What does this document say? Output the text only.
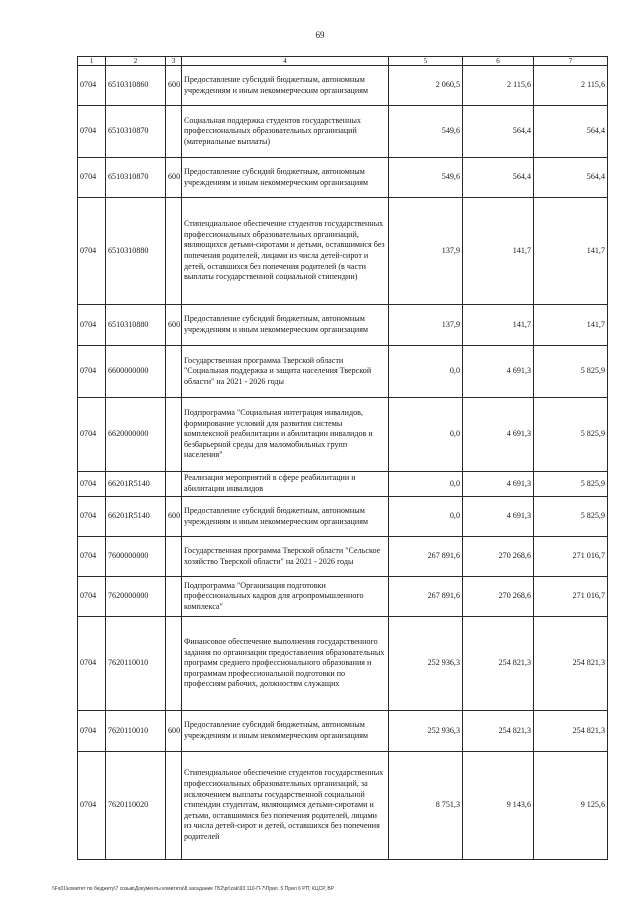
69
1	2	3	4	5	6	7
0704	6510310860	600	Предоставление субсидий бюджетным, автономным учреждениям и иным некоммерческим организациям	2 060,5	2 115,6	2 115,6
0704	6510310870		Социальная поддержка студентов государственных профессиональных образовательных организаций (материальные выплаты)	549,6	564,4	564,4
0704	6510310870	600	Предоставление субсидий бюджетным, автономным учреждениям и иным некоммерческим организациям	549,6	564,4	564,4
0704	6510310880		Стипендиальное обеспечение студентов государственных профессиональных образовательных организаций, являющихся детьми-сиротами и детьми, оставшимися без попечения родителей, лицами из числа детей-сирот и детей, оставшихся без попечения родителей (в части выплаты государственной социальной стипендии)	137,9	141,7	141,7
0704	6510310880	600	Предоставление субсидий бюджетным, автономным учреждениям и иным некоммерческим организациям	137,9	141,7	141,7
0704	6600000000		Государственная программа Тверской области "Социальная поддержка и защита населения Тверской области" на 2021 - 2026 годы	0,0	4 691,3	5 825,9
0704	6620000000		Подпрограмма "Социальная интеграция инвалидов, формирование условий для развития системы комплексной реабилитации и абилитации инвалидов и безбарьерной среды для маломобильных групп населения"	0,0	4 691,3	5 825,9
0704	66201R5140		Реализация мероприятий в сфере реабилитации и абилитации инвалидов	0,0	4 691,3	5 825,9
0704	66201R5140	600	Предоставление субсидий бюджетным, автономным учреждениям и иным некоммерческим организациям	0,0	4 691,3	5 825,9
0704	7600000000		Государственная программа Тверской области "Сельское хозяйство Тверской области" на 2021 - 2026 годы	267 891,6	270 268,6	271 016,7
0704	7620000000		Подпрограмма "Организация подготовки профессиональных кадров для агропромышленного комплекса"	267 891,6	270 268,6	271 016,7
0704	7620110010		Финансовое обеспечение выполнения государственного задания по организации предоставления образовательных программ среднего профессионального образования и программам профессиональной подготовки по профессиям рабочих, должностям служащих	252 936,3	254 821,3	254 821,3
0704	7620110010	600	Предоставление субсидий бюджетным, автономным учреждениям и иным некоммерческим организациям	252 936,3	254 821,3	254 821,3
0704	7620110020		Стипендиальное обеспечение студентов государственных профессиональных образовательных организаций, за исключением выплаты государственной социальной стипендии студентам, являющимся детьми-сиротами и детьми, оставшимися без попечения родителей, лицами из числа детей-сирот и детей, оставшихся без попечения родителей	8 751,3	9 143,6	9 125,6
\\Fs01\комитет по бюджету\7 созыв\Документы комитета\8 заседание ГБ2\pr\zak\93 110-П-7\Прил. 5 Прил 6 РП, КЦСР, ВР
